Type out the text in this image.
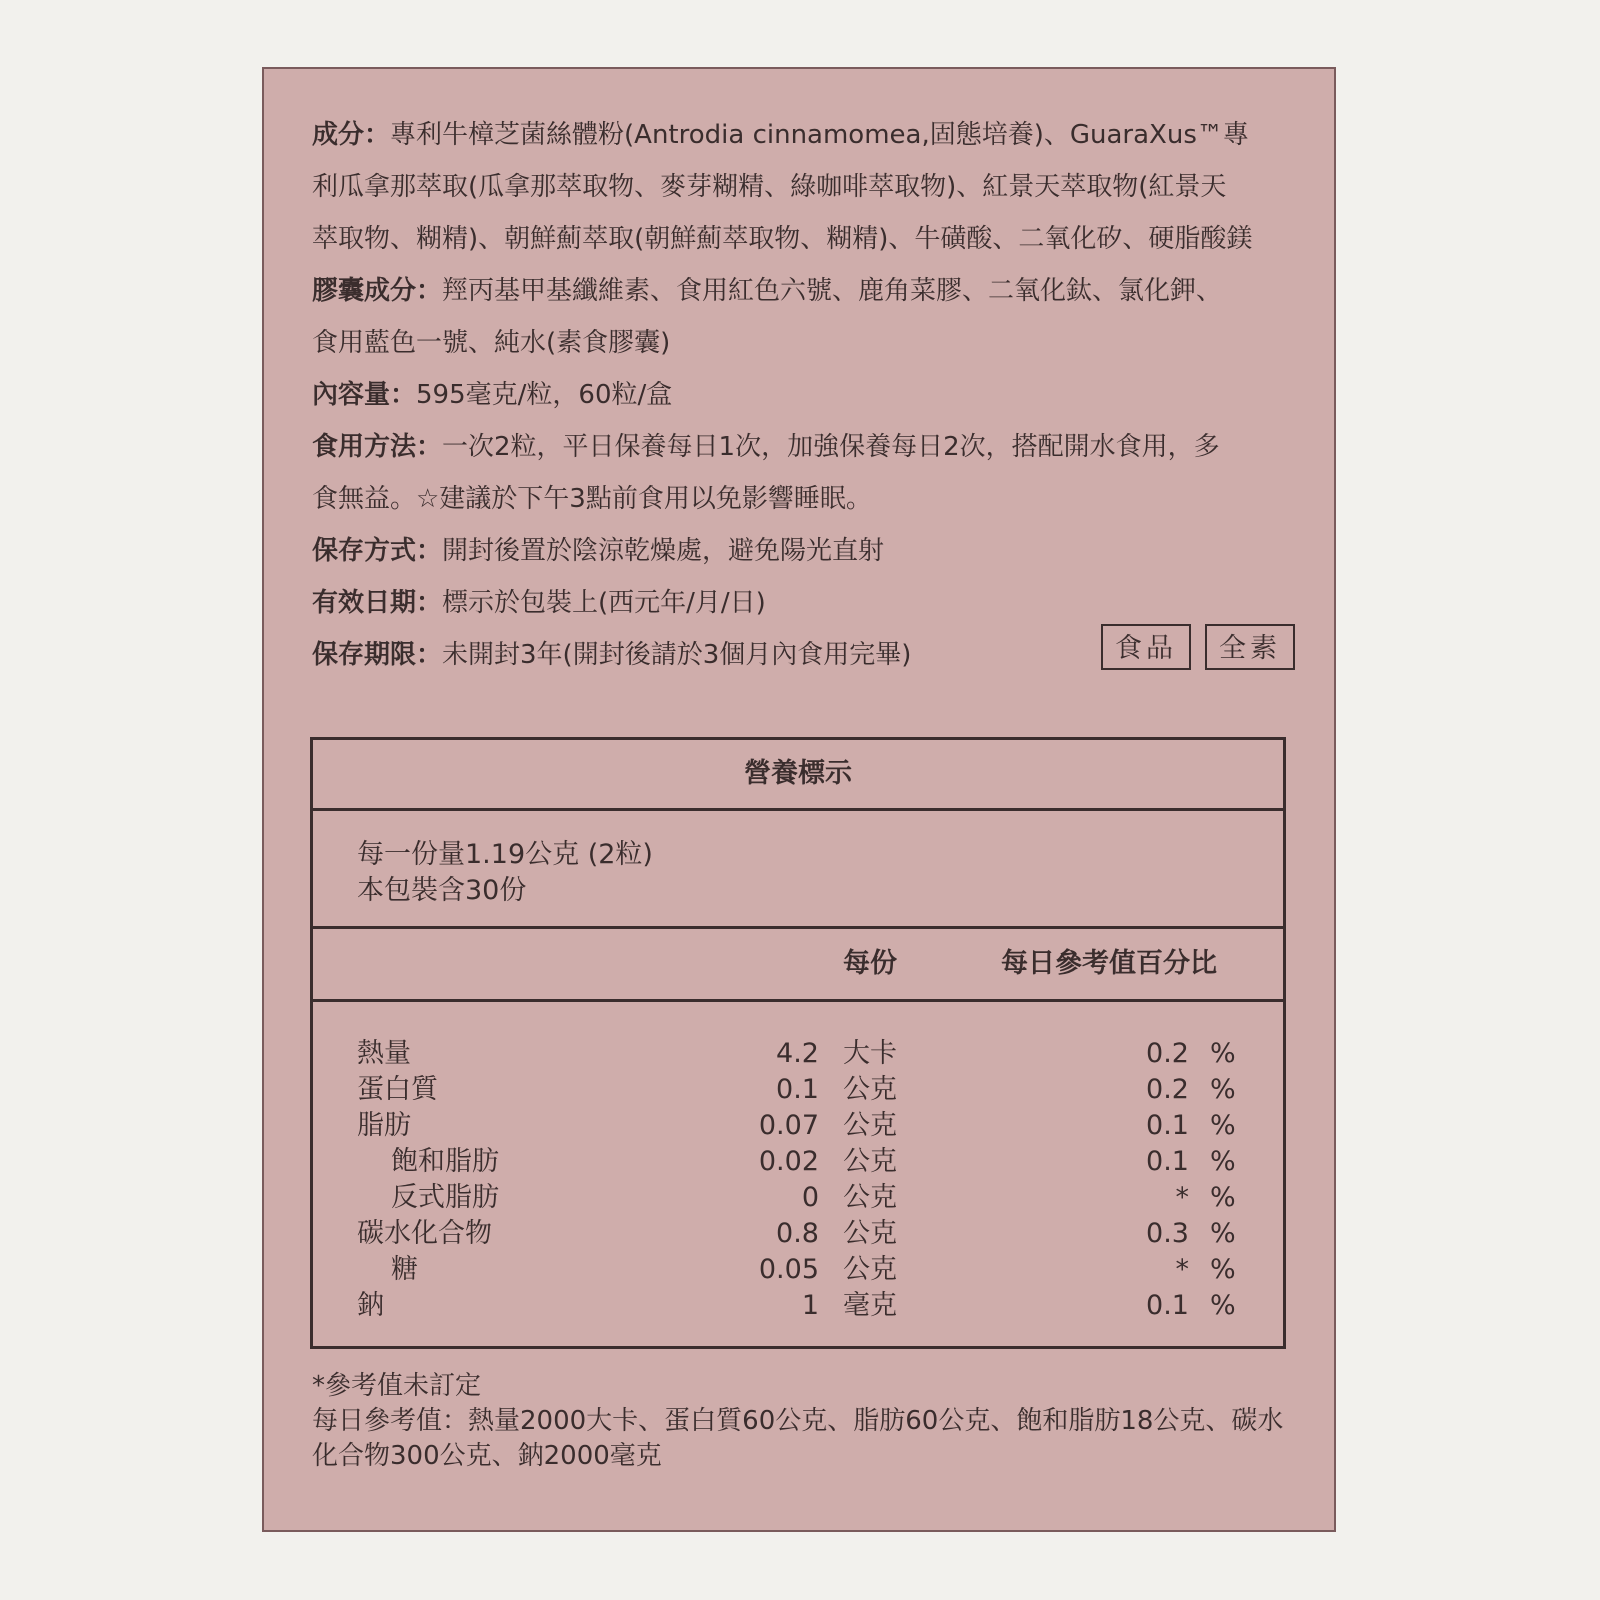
成分：專利牛樟芝菌絲體粉(Antrodia cinnamomea,固態培養)、GuaraXus™專
利瓜拿那萃取(瓜拿那萃取物、麥芽糊精、綠咖啡萃取物)、紅景天萃取物(紅景天
萃取物、糊精)、朝鮮薊萃取(朝鮮薊萃取物、糊精)、牛磺酸、二氧化矽、硬脂酸鎂
膠囊成分：羥丙基甲基纖維素、食用紅色六號、鹿角菜膠、二氧化鈦、氯化鉀、
食用藍色一號、純水(素食膠囊)
內容量：595毫克/粒，60粒/盒
食用方法：一次2粒，平日保養每日1次，加強保養每日2次，搭配開水食用，多
食無益。☆建議於下午3點前食用以免影響睡眠。
保存方式：開封後置於陰涼乾燥處，避免陽光直射
有效日期：標示於包裝上(西元年/月/日)
保存期限：未開封3年(開封後請於3個月內食用完畢)	食品	全素
營養標示
每一份量1.19公克 (2粒)
本包裝含30份
每份	每日參考值百分比
熱量	4.2 大卡	0.2 %
蛋白質	0.1 公克	0.2 %
脂肪	0.07 公克	0.1 %
飽和脂肪	0.02 公克	0.1 %
反式脂肪	0 公克	* %
碳水化合物	0.8 公克	0.3 %
糖	0.05 公克	* %
鈉	1 毫克	0.1 %
*參考值未訂定
每日參考值：熱量2000大卡、蛋白質60公克、脂肪60公克、飽和脂肪18公克、碳水
化合物300公克、鈉2000毫克
